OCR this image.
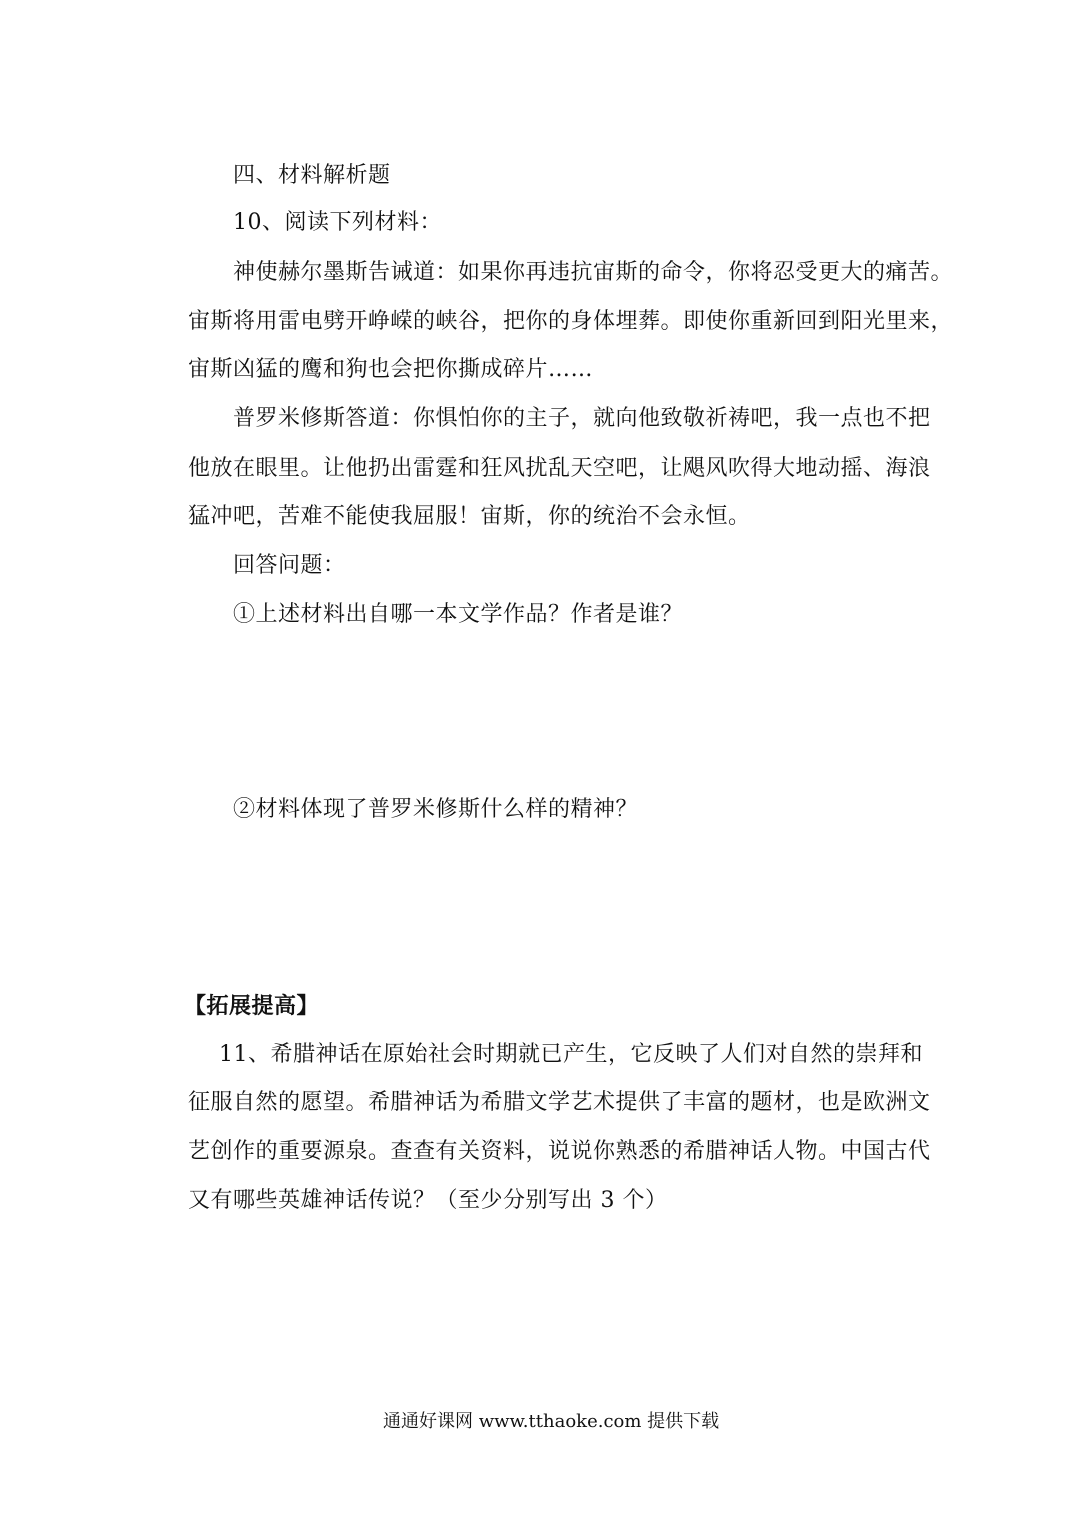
四、材料解析题
10、阅读下列材料：
神使赫尔墨斯告诫道：如果你再违抗宙斯的命令，你将忍受更大的痛苦。
宙斯将用雷电劈开峥嵘的峡谷，把你的身体埋葬。即使你重新回到阳光里来，
宙斯凶猛的鹰和狗也会把你撕成碎片……
普罗米修斯答道：你惧怕你的主子，就向他致敬祈祷吧，我一点也不把
他放在眼里。让他扔出雷霆和狂风扰乱天空吧，让飓风吹得大地动摇、海浪
猛冲吧，苦难不能使我屈服！宙斯，你的统治不会永恒。
回答问题：
①上述材料出自哪一本文学作品？作者是谁？
②材料体现了普罗米修斯什么样的精神？
【拓展提高】
11、希腊神话在原始社会时期就已产生，它反映了人们对自然的崇拜和
征服自然的愿望。希腊神话为希腊文学艺术提供了丰富的题材，也是欧洲文
艺创作的重要源泉。查查有关资料，说说你熟悉的希腊神话人物。中国古代
又有哪些英雄神话传说？（至少分别写出 3 个）
通通好课网 www.tthaoke.com 提供下载
